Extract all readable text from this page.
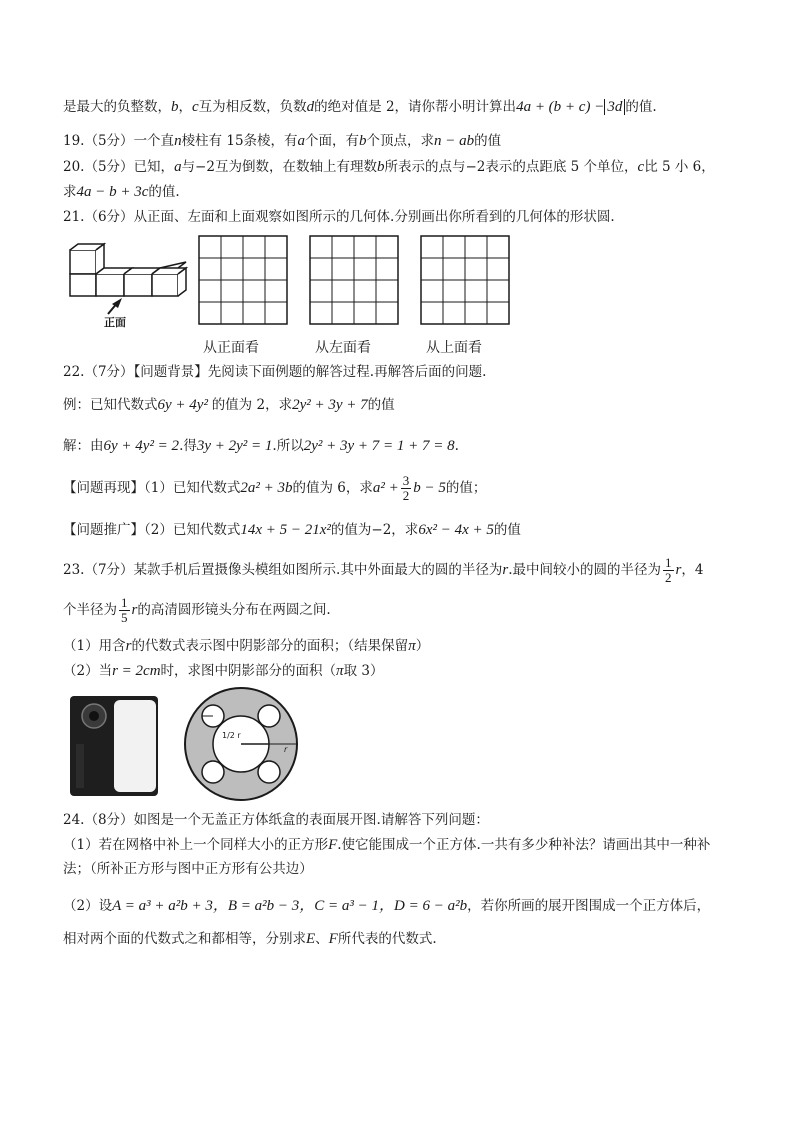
是最大的负整数，b，c互为相反数，负数d的绝对值是 2，请你帮小明计算出4a + (b + c) − 3d 的值.
19.（5分）一个直n棱柱有 15条棱，有a个面，有b个顶点，求n − ab的值
20.（5分）已知，a与−2互为倒数，在数轴上有理数b所表示的点与−2表示的点距底 5 个单位，c比 5 小 6，
求4a − b + 3c的值.
21.（6分）从正面、左面和上面观察如图所示的几何体.分别画出你所看到的几何体的形状圆.
正面
从正面看	从左面看	从上面看
22.（7分）【问题背景】先阅读下面例题的解答过程.再解答后面的问题.
例：已知代数式6y + 4y² 的值为 2，求2y² + 3y + 7的值
解：由6y + 4y² = 2.得3y + 2y² = 1.所以2y² + 3y + 7 = 1 + 7 = 8.
【问题再现】（1）已知代数式2a² + 3b的值为 6，求$a^2 + \frac{3}{2}$ b − 5的值；
【问题推广】（2）已知代数式14x + 5 − 21x²的值为−2，求6x² − 4x + 5的值
23.（7分）某款手机后置摄像头模组如图所示.其中外面最大的圆的半径为r.最中间较小的圆的半径为 $\frac{1}{2}$ r，4
个半径为 $\frac{1}{5}$ r的高清圆形镜头分布在两圆之间.
（1）用含r的代数式表示图中阴影部分的面积；（结果保留π）
（2）当r = 2cm时，求图中阴影部分的面积（π取 3）
1/2 r
r
24.（8分）如图是一个无盖正方体纸盒的表面展开图.请解答下列问题：
（1）若在网格中补上一个同样大小的正方形F.使它能围成一个正方体.一共有多少种补法？请画出其中一种补
法；（所补正方形与图中正方形有公共边）
（2）设A = a³ + a²b + 3，B = a²b − 3，C = a³ − 1，D = 6 − a²b，若你所画的展开图围成一个正方体后，
相对两个面的代数式之和都相等，分别求E、F所代表的代数式.
